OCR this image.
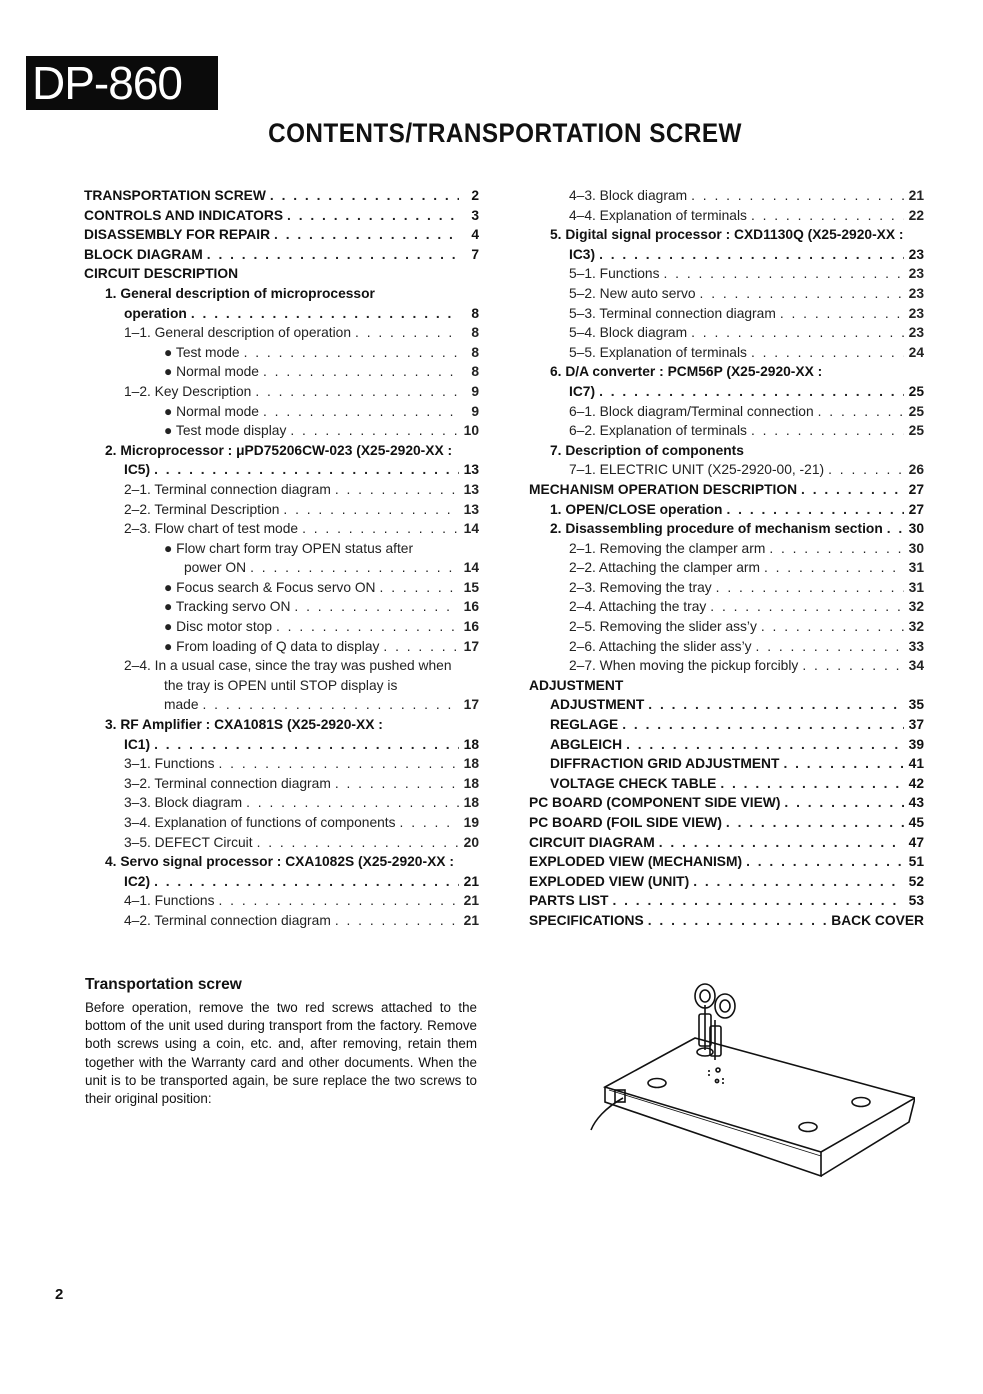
DP-860
CONTENTS/TRANSPORTATION SCREW
TRANSPORTATION SCREW . . .	2
CONTROLS AND INDICATORS . . .	3
DISASSEMBLY FOR REPAIR . . .	4
BLOCK DIAGRAM . . .	7
CIRCUIT DESCRIPTION
1. General description of microprocessor
operation . . .	8
1–1. General description of operation . . .	8
● Test mode . . .	8
● Normal mode . . .	8
1–2. Key Description . . .	9
● Normal mode . . .	9
● Test mode display . . .	10
2. Microprocessor : μPD75206CW-023 (X25-2920-XX :
IC5) . . .	13
2–1. Terminal connection diagram . . .	13
2–2. Terminal Description . . .	13
2–3. Flow chart of test mode . . .	14
● Flow chart form tray OPEN status after
power ON . . .	14
● Focus search & Focus servo ON . . .	15
● Tracking servo ON . . .	16
● Disc motor stop . . .	16
● From loading of Q data to display . . .	17
2–4. In a usual case, since the tray was pushed when
the tray is OPEN until STOP display is
made . . .	17
3. RF Amplifier : CXA1081S (X25-2920-XX :
IC1) . . .	18
3–1. Functions . . .	18
3–2. Terminal connection diagram . . .	18
3–3. Block diagram . . .	18
3–4. Explanation of functions of components . . .	19
3–5. DEFECT Circuit . . .	20
4. Servo signal processor : CXA1082S (X25-2920-XX :
IC2) . . .	21
4–1. Functions . . .	21
4–2. Terminal connection diagram . . .	21
4–3. Block diagram . . .	21
4–4. Explanation of terminals . . .	22
5. Digital signal processor : CXD1130Q (X25-2920-XX :
IC3) . . .	23
5–1. Functions . . .	23
5–2. New auto servo . . .	23
5–3. Terminal connection diagram . . .	23
5–4. Block diagram . . .	23
5–5. Explanation of terminals . . .	24
6. D/A converter : PCM56P (X25-2920-XX :
IC7) . . .	25
6–1. Block diagram/Terminal connection . . .	25
6–2. Explanation of terminals . . .	25
7. Description of components
7–1. ELECTRIC UNIT (X25-2920-00, -21) . . .	26
MECHANISM OPERATION DESCRIPTION . . .	27
1. OPEN/CLOSE operation . . .	27
2. Disassembling procedure of mechanism section . . . 30
2–1. Removing the clamper arm . . .	30
2–2. Attaching the clamper arm . . .	31
2–3. Removing the tray . . .	31
2–4. Attaching the tray . . .	32
2–5. Removing the slider ass’y . . .	32
2–6. Attaching the slider ass’y . . .	33
2–7. When moving the pickup forcibly . . .	34
ADJUSTMENT
ADJUSTMENT . . .	35
REGLAGE . . .	37
ABGLEICH . . .	39
DIFFRACTION GRID ADJUSTMENT . . .	41
VOLTAGE CHECK TABLE . . .	42
PC BOARD (COMPONENT SIDE VIEW) . . .	43
PC BOARD (FOIL SIDE VIEW) . . .	45
CIRCUIT DIAGRAM . . .	47
EXPLODED VIEW (MECHANISM) . . .	51
EXPLODED VIEW (UNIT) . . .	52
PARTS LIST . . .	53
SPECIFICATIONS . . .	BACK COVER
Transportation screw
Before operation, remove the two red screws attached to the bottom of the unit used during transport from the factory. Remove both screws using a coin, etc. and, after removing, retain them together with the Warranty card and other documents. When the unit is to be transported again, be sure replace the two screws to their original position:
2
